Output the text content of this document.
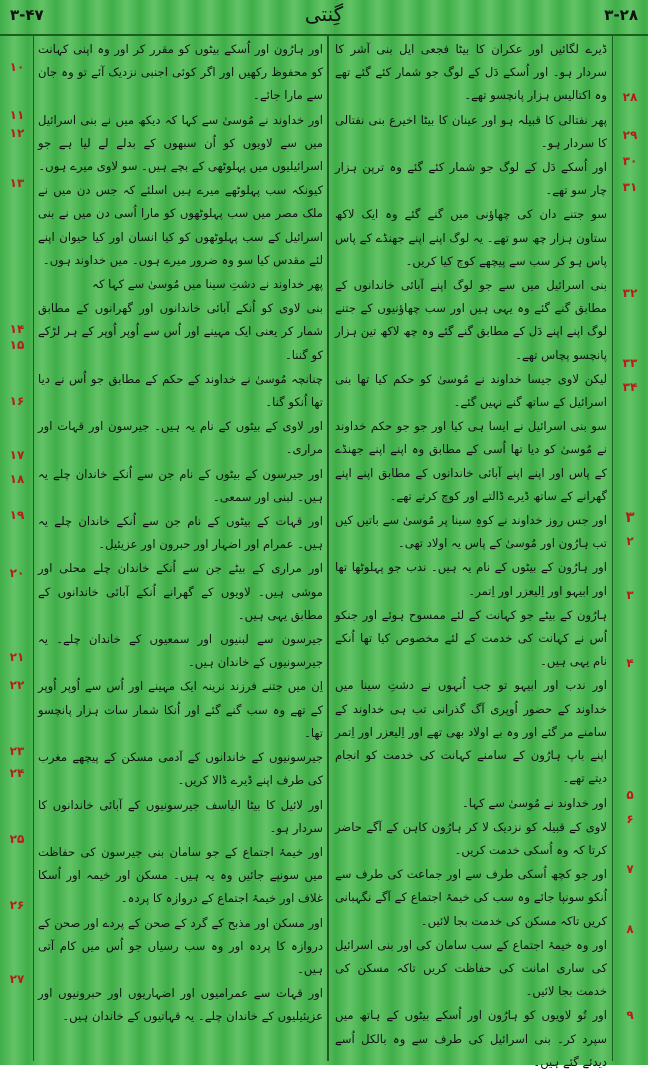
۳-۴۷	گِنتی	۳-۲۸
ڈیرے لگائیں اور عکران کا بیٹا فجعی ایل بنی آشر کا سردار ہو۔ اور اُسکے دَل کے لوگ جو شمار کئے گئے تھے وہ اکتالیس ہزار پانچسو تھے۔
پھر نفتالی کا قبیلہ ہو اور عینان کا بیٹا اخیرع بنی نفتالی کا سردار ہو۔
اور اُسکے دَل کے لوگ جو شمار کئے گئے وہ ترپن ہزار چار سو تھے۔
سو جتنے دان کی چھاؤنی میں گنے گئے وہ ایک لاکھ ستاون ہزار چھ سو تھے۔ یہ لوگ اپنے اپنے جھنڈے کے پاس پاس ہو کر سب سے پیچھے کوچ کیا کریں۔
بنی اسرائیل میں سے جو لوگ اپنے آبائی خاندانوں کے مطابق گنے گئے وہ یہی ہیں اور سب چھاؤنیوں کے جتنے لوگ اپنے اپنے دَل کے مطابق گنے گئے وہ چھ لاکھ تین ہزار پانچسو پچاس تھے۔
لیکن لاوی جیسا خداوند نے مُوسیٰ کو حکم کیا تھا بنی اسرائیل کے ساتھ گنے نہیں گئے۔
سو بنی اسرائیل نے ایسا ہی کیا اور جو جو حکم خداوند نے مُوسیٰ کو دیا تھا اُسی کے مطابق وہ اپنے اپنے جھنڈے کے پاس اور اپنے اپنے آبائی خاندانوں کے مطابق اپنے اپنے گھرانے کے ساتھ ڈیرے ڈالتے اور کوچ کرتے تھے۔
اور جس روز خداوند نے کوہِ سینا پر مُوسیٰ سے باتیں کیں تب ہارُون اور مُوسیٰ کے پاس یہ اولاد تھی۔
اور ہارُون کے بیٹوں کے نام یہ ہیں۔ ندب جو پہلوٹھا تھا اور ابیہو اور اِلیعزر اور اِتمر۔
ہارُون کے بیٹے جو کہانت کے لئے ممسوح ہوئے اور جنکو اُس نے کہانت کی خدمت کے لئے مخصوص کیا تھا اُنکے نام یہی ہیں۔
اور ندب اور ابیہو تو جب اُنہوں نے دشتِ سینا میں خداوند کے حضور اُوپری آگ گذرانی تب ہی خداوند کے سامنے مر گئے اور وہ بے اولاد بھی تھے اور اِلیعزر اور اِتمر اپنے باپ ہارُون کے سامنے کہانت کی خدمت کو انجام دیتے تھے۔
اور خداوند نے مُوسیٰ سے کہا۔
لاوی کے قبیلہ کو نزدیک لا کر ہارُون کاہن کے آگے حاضر کرتا کہ وہ اُسکی خدمت کریں۔
اور جو کچھ اُسکی طرف سے اور جماعت کی طرف سے اُنکو سونپا جائے وہ سب کی خیمۂ اجتماع کے آگے نگہبانی کریں تاکہ مسکن کی خدمت بجا لائیں۔
اور وہ خیمۂ اجتماع کے سب سامان کی اور بنی اسرائیل کی ساری امانت کی حفاظت کریں تاکہ مسکن کی خدمت بجا لائیں۔
اور تُو لاویوں کو ہارُون اور اُسکے بیٹوں کے ہاتھ میں سپرد کر۔ بنی اسرائیل کی طرف سے وہ بالکل اُسے دیدئے گئے ہیں۔
۲۸
۲۹
۳۰
۳۱
۳۲
۳۳
۳۴
۳
۲
۳
۴
۵
۶
۷
۸
۹
اور ہارُون اور اُسکے بیٹوں کو مقرر کر اور وہ اپنی کہانت کو محفوظ رکھیں اور اگر کوئی اجنبی نزدیک آئے تو وہ جان سے مارا جائے۔
اور خداوند نے مُوسیٰ سے کہا کہ دیکھ میں نے بنی اسرائیل میں سے لاویوں کو اُن سبھوں کے بدلے لے لیا ہے جو اسرائیلیوں میں پہلوٹھی کے بچے ہیں۔ سو لاوی میرے ہوں۔
کیونکہ سب پہلوٹھے میرے ہیں اسلئے کہ جس دن میں نے ملک مصر میں سب پہلوٹھوں کو مارا اُسی دن میں نے بنی اسرائیل کے سب پہلوٹھوں کو کیا انسان اور کیا حیوان اپنے لئے مقدس کیا سو وہ ضرور میرے ہوں۔ میں خداوند ہوں۔
پھر خداوند نے دشتِ سینا میں مُوسیٰ سے کہا کہ
بنی لاوی کو اُنکے آبائی خاندانوں اور گھرانوں کے مطابق شمار کر یعنی ایک مہینے اور اُس سے اُوپر اُوپر کے ہر لڑکے کو گننا۔
چنانچہ مُوسیٰ نے خداوند کے حکم کے مطابق جو اُس نے دیا تھا اُنکو گنا۔
اور لاوی کے بیٹوں کے نام یہ ہیں۔ جیرسون اور قہات اور مراری۔
اور جیرسون کے بیٹوں کے نام جن سے اُنکے خاندان چلے یہ ہیں۔ لبنی اور سمعی۔
اور قہات کے بیٹوں کے نام جن سے اُنکے خاندان چلے یہ ہیں۔ عمرام اور اضہار اور حبرون اور عزیئیل۔
اور مراری کے بیٹے جن سے اُنکے خاندان چلے محلی اور موشی ہیں۔ لاویوں کے گھرانے اُنکے آبائی خاندانوں کے مطابق یہی ہیں۔
جیرسون سے لبنیوں اور سمعیوں کے خاندان چلے۔ یہ جیرسونیوں کے خاندان ہیں۔
اِن میں جتنے فرزند نرینہ ایک مہینے اور اُس سے اُوپر اُوپر کے تھے وہ سب گنے گئے اور اُنکا شمار سات ہزار پانچسو تھا۔
جیرسونیوں کے خاندانوں کے آدمی مسکن کے پیچھے مغرب کی طرف اپنے ڈیرے ڈالا کریں۔
اور لائیل کا بیٹا الیاسف جیرسونیوں کے آبائی خاندانوں کا سردار ہو۔
اور خیمۂ اجتماع کے جو سامان بنی جیرسون کی حفاظت میں سونپے جائیں وہ یہ ہیں۔ مسکن اور خیمہ اور اُسکا غلاف اور خیمۂ اجتماع کے دروازہ کا پردہ۔
اور مسکن اور مذبح کے گرد کے صحن کے پردے اور صحن کے دروازہ کا پردہ اور وہ سب رسیاں جو اُس میں کام آتی ہیں۔
اور قہات سے عمرامیوں اور اضہاریوں اور حبرونیوں اور عزیئیلیوں کے خاندان چلے۔ یہ قہاتیوں کے خاندان ہیں۔
۱۰
۱۱
۱۲
۱۳
۱۴
۱۵
۱۶
۱۷
۱۸
۱۹
۲۰
۲۱
۲۲
۲۳
۲۴
۲۵
۲۶
۲۷
